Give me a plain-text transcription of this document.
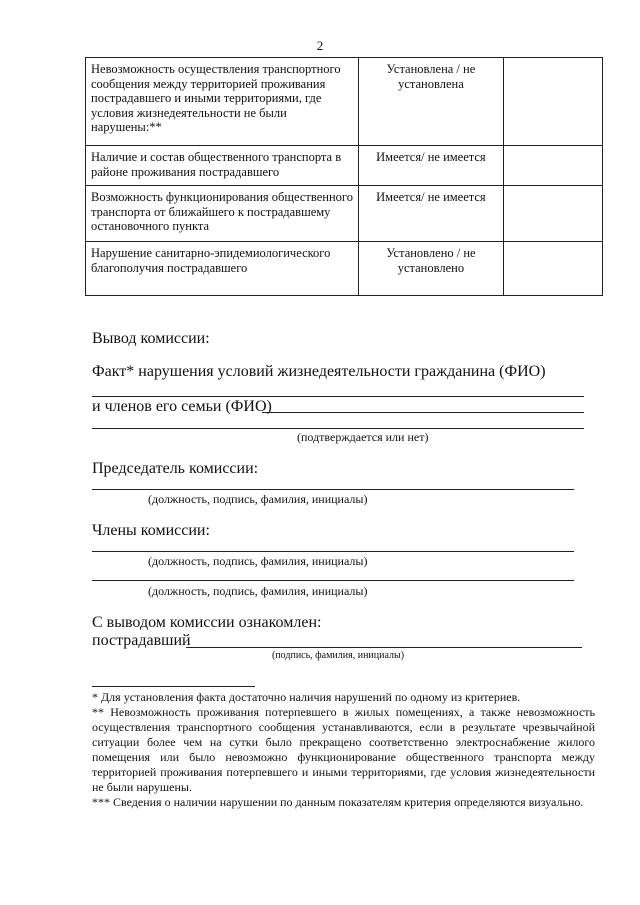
2
Невозможность осуществления транспортного сообщения между территорией проживания пострадавшего и иными территориями, где условия жизнедеятельности не были нарушены:**	Установлена / не установлена	
Наличие и состав общественного транспорта в районе проживания пострадавшего	Имеется/ не имеется	
Возможность функционирования общественного транспорта от ближайшего к пострадавшему остановочного пункта	Имеется/ не имеется	
Нарушение санитарно-эпидемиологического благополучия пострадавшего	Установлено / не установлено	
Вывод комиссии:
Факт* нарушения условий жизнедеятельности гражданина (ФИО)
и членов его семьи (ФИО)
(подтверждается или нет)
Председатель комиссии:
(должность, подпись, фамилия, инициалы)
Члены комиссии:
(должность, подпись, фамилия, инициалы)
(должность, подпись, фамилия, инициалы)
С выводом комиссии ознакомлен:
пострадавший
(подпись, фамилия, инициалы)

* Для установления факта достаточно наличия нарушений по одному из критериев.

** Невозможность проживания потерпевшего в жилых помещениях, а также невозможность осуществления транспортного сообщения устанавливаются, если в результате чрезвычайной ситуации более чем на сутки было прекращено соответственно электроснабжение жилого помещения или было невозможно функционирование общественного транспорта между территорией проживания потерпевшего и иными территориями, где условия жизнедеятельности не были нарушены.

*** Сведения о наличии нарушении по данным показателям критерия определяются визуально.
